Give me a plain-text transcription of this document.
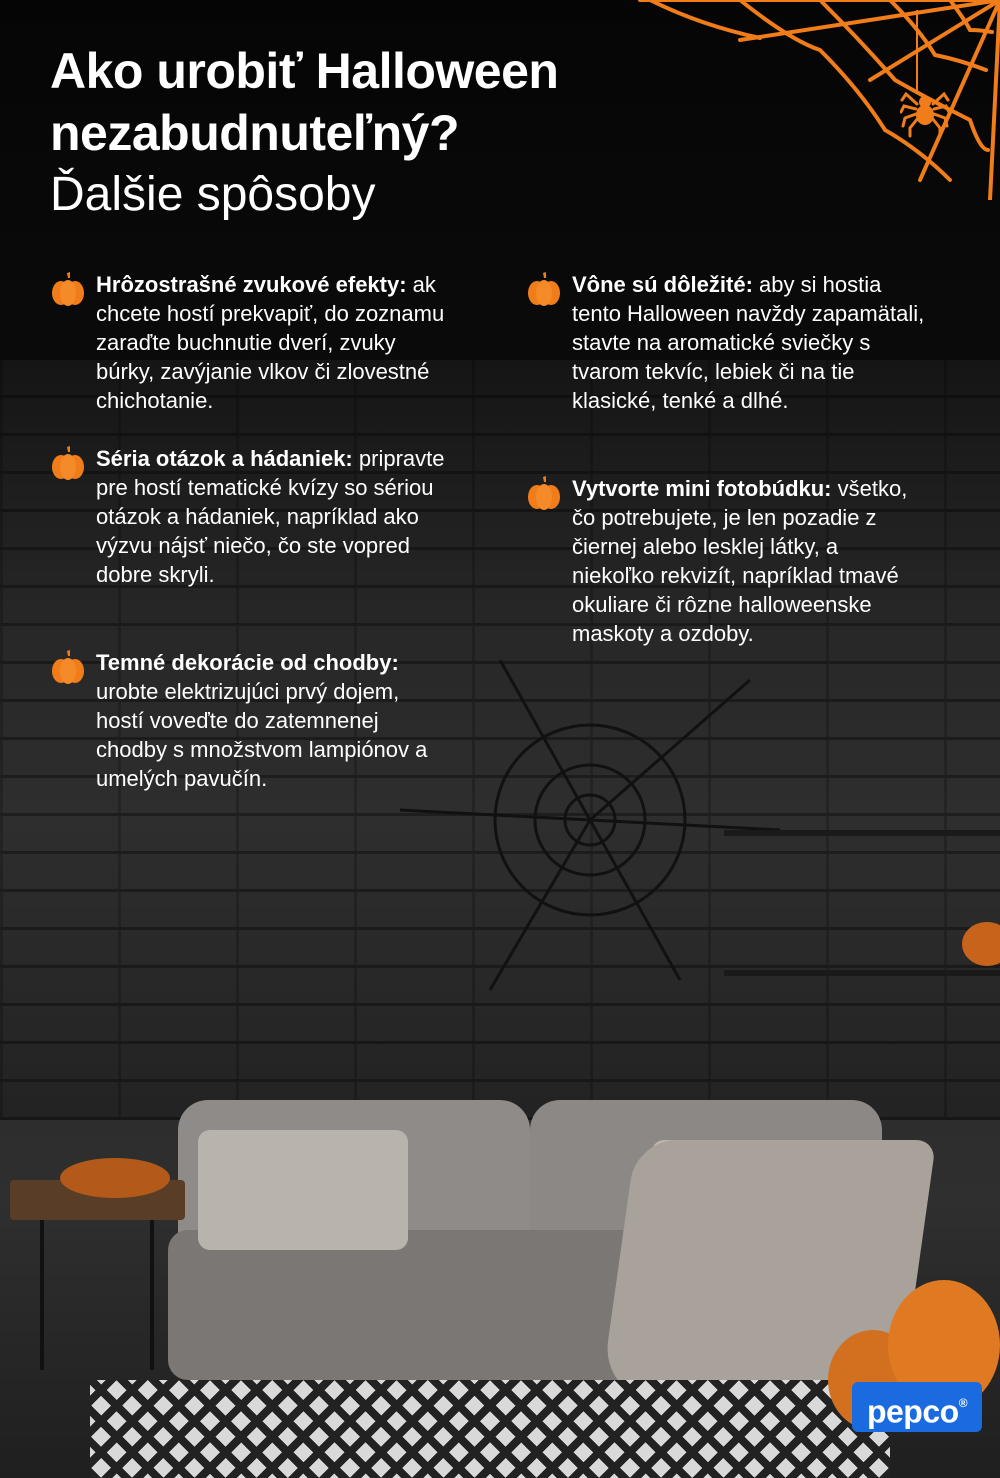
Ako urobiť Halloween nezabudnuteľný?

Ďalšie spôsoby

Hrôzostrašné zvukové efekty: ak chcete hostí prekvapiť, do zoznamu zaraďte buchnutie dverí, zvuky búrky, zavýjanie vlkov či zlovestné chichotanie.
Séria otázok a hádaniek: pripravte pre hostí tematické kvízy so sériou otázok a hádaniek, napríklad ako výzvu nájsť niečo, čo ste vopred dobre skryli.
Temné dekorácie od chodby: urobte elektrizujúci prvý dojem, hostí voveďte do zatemnenej chodby s množstvom lampiónov a umelých pavučín.
Vône sú dôležité: aby si hostia tento Halloween navždy zapamätali, stavte na aromatické sviečky s tvarom tekvíc, lebiek či na tie klasické, tenké a dlhé.
Vytvorte mini fotobúdku: všetko, čo potrebujete, je len pozadie z čiernej alebo lesklej látky, a niekoľko rekvizít, napríklad tmavé okuliare či rôzne halloweenske maskoty a ozdoby.
pepco®
